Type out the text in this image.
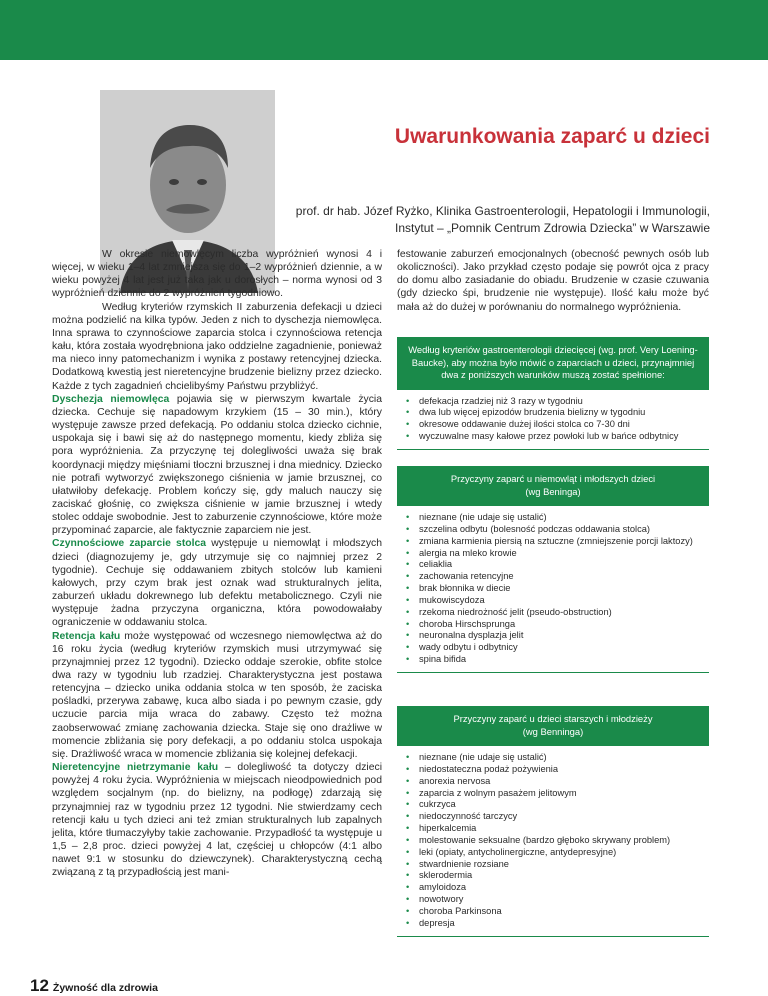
Uwarunkowania zaparć u dzieci
prof. dr hab. Józef Ryżko, Klinika Gastroenterologii, Hepatologii i Immunologii,
Instytut – „Pomnik Centrum Zdrowia Dziecka” w Warszawie

W okresie niemowlęcym liczba wypróżnień wynosi 4 i więcej, w wieku 1–4 lat zmniejsza się do 1–2 wypróżnień dziennie, a w wieku powyżej 4 lat jest już taka jak u dorosłych – norma wynosi od 3 wypróżnień dziennie do 2 wypróżnień tygodniowo.

Według kryteriów rzymskich II zaburzenia defekacji u dzieci można podzielić na kilka typów. Jeden z nich to dyschezja niemowlęca. Inna sprawa to czynnościowe zaparcia stolca i czynnościowa retencja kału, która została wyodrębniona jako oddzielne zagadnienie, ponieważ ma nieco inny patomechanizm i wynika z postawy retencyjnej dziecka. Dodatkową kwestią jest nieretencyjne brudzenie bielizny przez dziecko. Każde z tych zagadnień chcielibyśmy Państwu przybliżyć.

Dyschezja niemowlęca pojawia się w pierwszym kwartale życia dziecka. Cechuje się napadowym krzykiem (15 – 30 min.), który występuje zawsze przed defekacją. Po oddaniu stolca dziecko cichnie, uspokaja się i bawi się aż do następnego momentu, kiedy zbliża się pora wypróżnienia. Za przyczynę tej dolegliwości uważa się brak koordynacji między mięśniami tłoczni brzusznej i dna miednicy. Dziecko nie potrafi wytworzyć zwiększonego ciśnienia w jamie brzusznej, co ułatwiłoby defekację. Problem kończy się, gdy maluch nauczy się zaciskać głośnię, co zwiększa ciśnienie w jamie brzusznej i wtedy stolec oddaje swobodnie. Jest to zaburzenie czynnościowe, które może przypominać zaparcie, ale faktycznie zaparciem nie jest.

Czynnościowe zaparcie stolca występuje u niemowląt i młodszych dzieci (diagnozujemy je, gdy utrzymuje się co najmniej przez 2 tygodnie). Cechuje się oddawaniem zbitych stolców lub kamieni kałowych, przy czym brak jest oznak wad strukturalnych jelita, zaburzeń układu dokrewnego lub defektu metabolicznego. Czyli nie występuje żadna przyczyna organiczna, która powodowałaby ograniczenie w oddawaniu stolca.

Retencja kału może występować od wczesnego niemowlęctwa aż do 16 roku życia (według kryteriów rzymskich musi utrzymywać się przynajmniej przez 12 tygodni). Dziecko oddaje szerokie, obfite stolce dwa razy w tygodniu lub rzadziej. Charakterystyczna jest postawa retencyjna – dziecko unika oddania stolca w ten sposób, że zaciska pośladki, przerywa zabawę, kuca albo siada i po pewnym czasie, gdy uczucie parcia mija wraca do zabawy. Często też można zaobserwować zmianę zachowania dziecka. Staje się ono drażliwe w momencie zbliżania się pory defekacji, a po oddaniu stolca uspokaja się. Drażliwość wraca w momencie zbliżania się kolejnej defekacji.

Nieretencyjne nietrzymanie kału – dolegliwość ta dotyczy dzieci powyżej 4 roku życia. Wypróżnienia w miejscach nieodpowiednich pod względem socjalnym (np. do bielizny, na podłogę) zdarzają się przynajmniej raz w tygodniu przez 12 tygodni. Nie stwierdzamy cech retencji kału u tych dzieci ani też zmian strukturalnych lub zapalnych jelita, które tłumaczyłyby takie zachowanie. Przypadłość ta występuje u 1,5 – 2,8 proc. dzieci powyżej 4 lat, częściej u chłopców (4:1 albo nawet 9:1 w stosunku do dziewczynek). Charakterystyczną cechą związaną z tą przypadłością jest mani-

festowanie zaburzeń emocjonalnych (obecność pewnych osób lub okoliczności). Jako przykład często podaje się powrót ojca z pracy do domu albo zasiadanie do obiadu. Brudzenie w czasie czuwania (gdy dziecko śpi, brudzenie nie występuje). Ilość kału może być mała aż do dużej w porównaniu do normalnego wypróżnienia.

Według kryteriów gastroenterologii dziecięcej (wg. prof. Very Loening-Baucke), aby można było mówić o zaparciach u dzieci, przynajmniej dwa z poniższych warunków muszą zostać spełnione:
• defekacja rzadziej niż 3 razy w tygodniu
• dwa lub więcej epizodów brudzenia bielizny w tygodniu
• okresowe oddawanie dużej ilości stolca co 7-30 dni
• wyczuwalne masy kałowe przez powłoki lub w bańce odbytnicy
Przyczyny zaparć u niemowląt i młodszych dzieci
(wg Beninga)
• nieznane (nie udaje się ustalić)
• szczelina odbytu (bolesność podczas oddawania stolca)
• zmiana karmienia piersią na sztuczne (zmniejszenie porcji laktozy)
• alergia na mleko krowie
• celiaklia
• zachowania retencyjne
• brak błonnika w diecie
• mukowiscydoza
• rzekoma niedrożność jelit (pseudo-obstruction)
• choroba Hirschsprunga
• neuronalna dysplazja jelit
• wady odbytu i odbytnicy
• spina bifida
Przyczyny zaparć u dzieci starszych i młodzieży
(wg Benninga)
• nieznane (nie udaje się ustalić)
• niedostateczna podaż pożywienia
• anorexia nervosa
• zaparcia z wolnym pasażem jelitowym
• cukrzyca
• niedoczynność tarczycy
• hiperkalcemia
• molestowanie seksualne (bardzo głęboko skrywany problem)
• leki (opiaty, antycholinergiczne, antydepresyjne)
• stwardnienie rozsiane
• sklerodermia
• amyloidoza
• nowotwory
• choroba Parkinsona
• depresja
12 Żywność dla zdrowia
